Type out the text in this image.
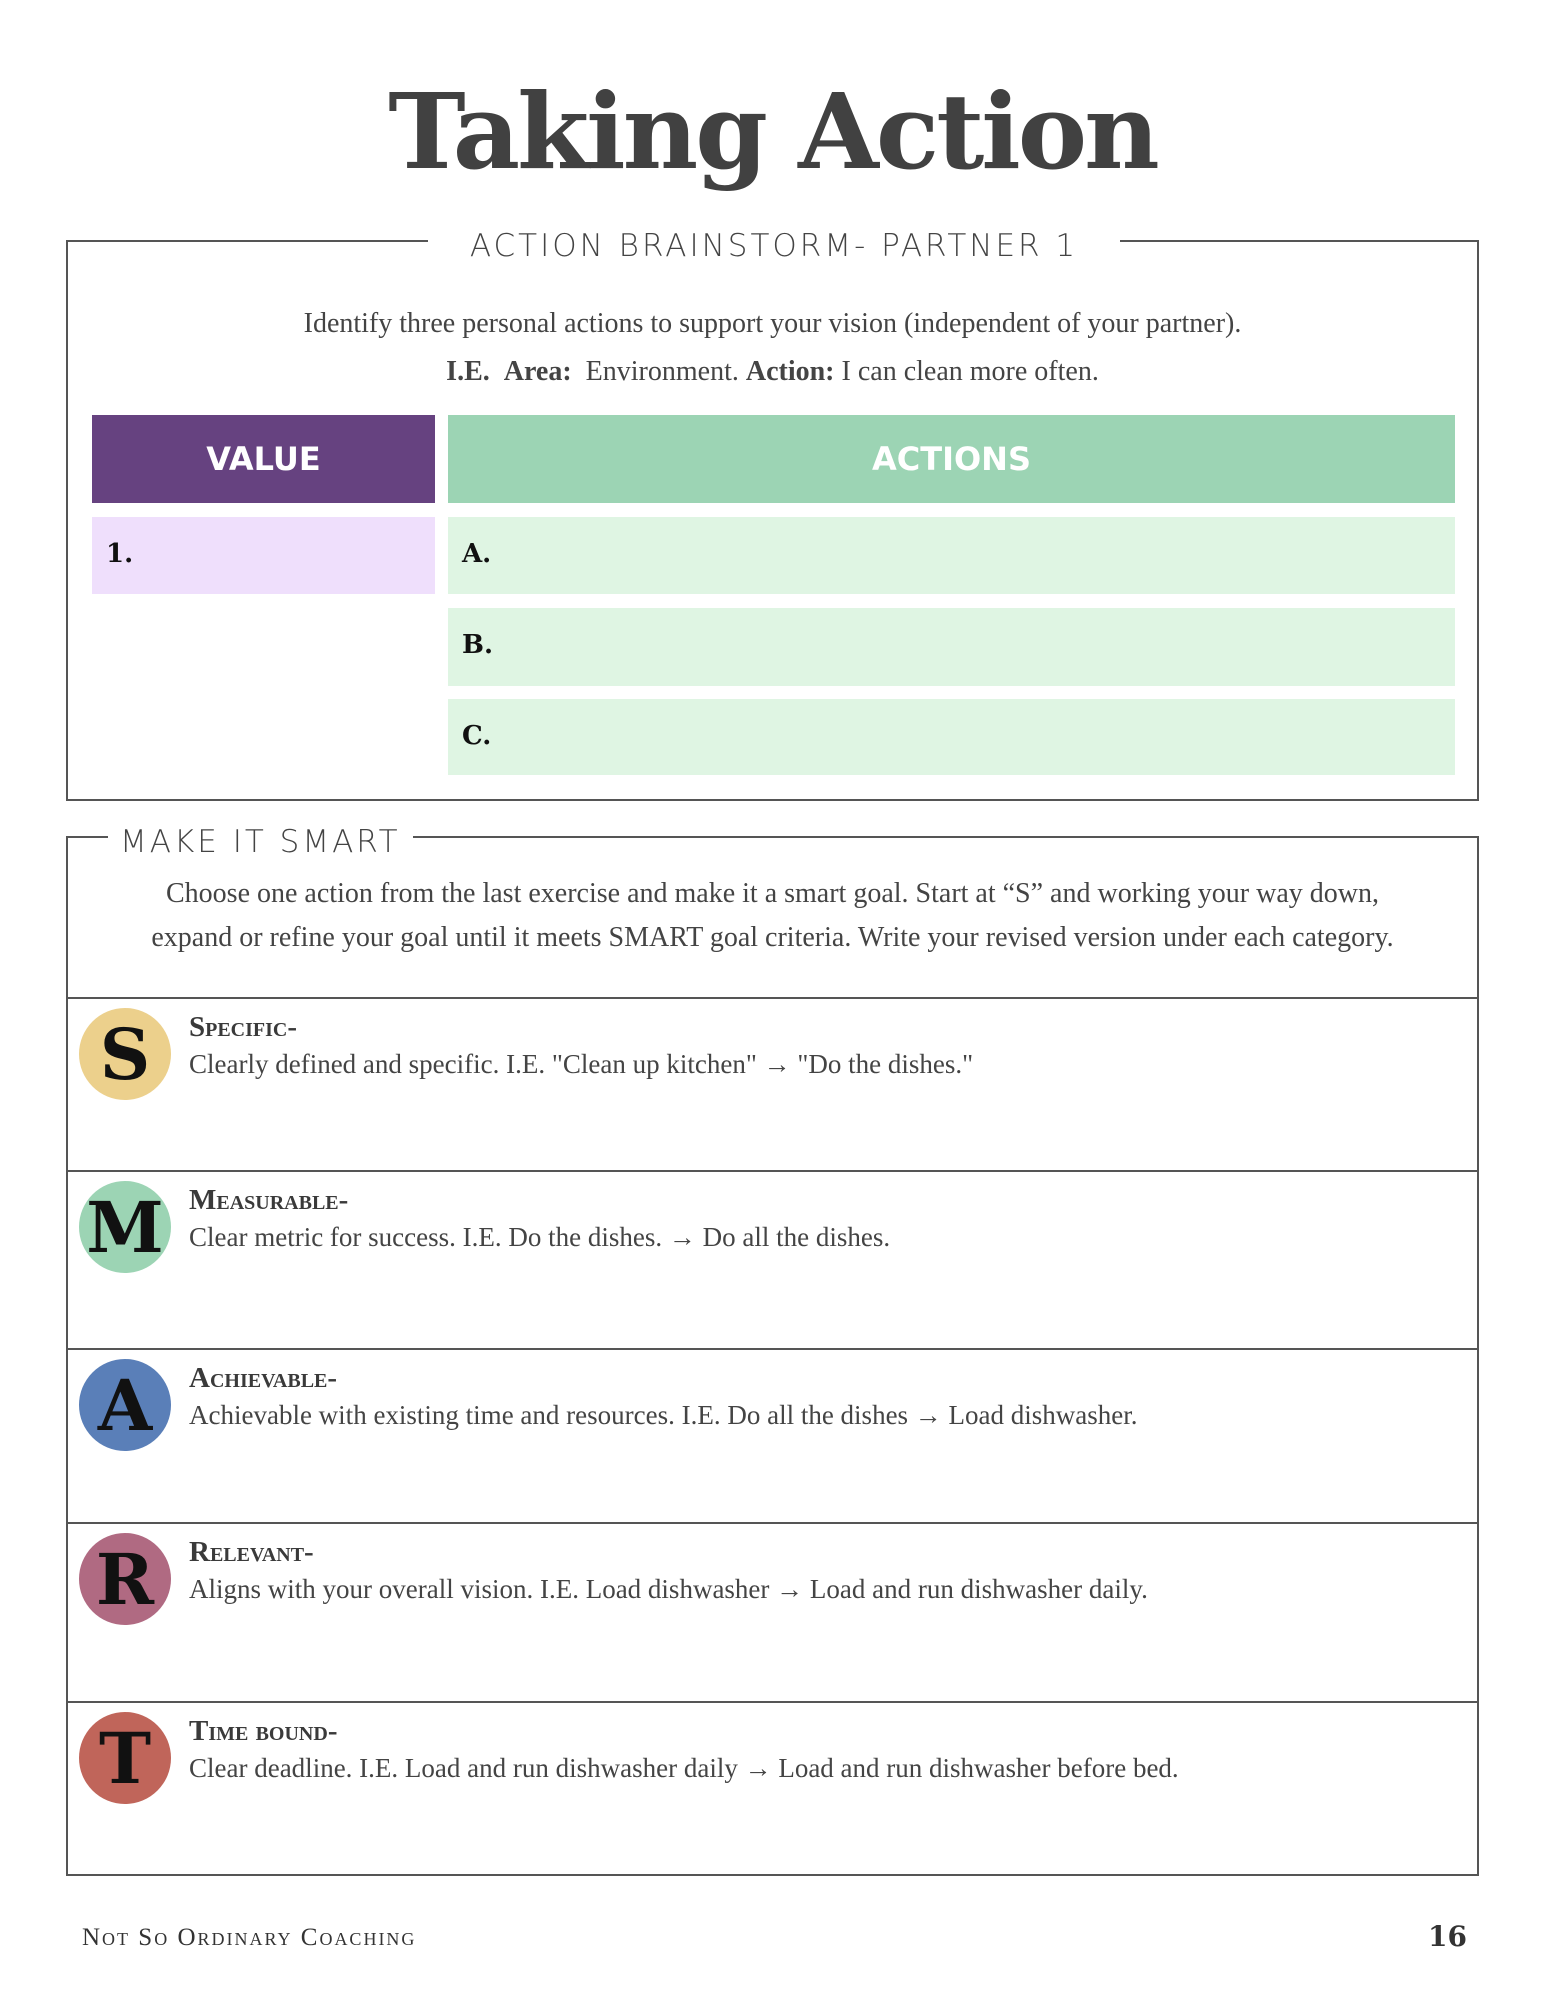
Taking Action
ACTION BRAINSTORM- PARTNER 1
Identify three personal actions to support your vision (independent of your partner).
I.E. Area: Environment. Action: I can clean more often.
VALUE	ACTIONS
1.	A.
B.
C.
MAKE IT SMART
Choose one action from the last exercise and make it a smart goal. Start at “S” and working your way down,
expand or refine your goal until it meets SMART goal criteria. Write your revised version under each category.
S	Specific-
Clearly defined and specific. I.E. "Clean up kitchen" → "Do the dishes."
M Measurable-
Clear metric for success. I.E. Do the dishes. → Do all the dishes.
A	Achievable-
Achievable with existing time and resources. I.E. Do all the dishes → Load dishwasher.
R	Relevant-
Aligns with your overall vision. I.E. Load dishwasher → Load and run dishwasher daily.
T	Time bound-
Clear deadline. I.E. Load and run dishwasher daily → Load and run dishwasher before bed.
Not So Ordinary Coaching	16
